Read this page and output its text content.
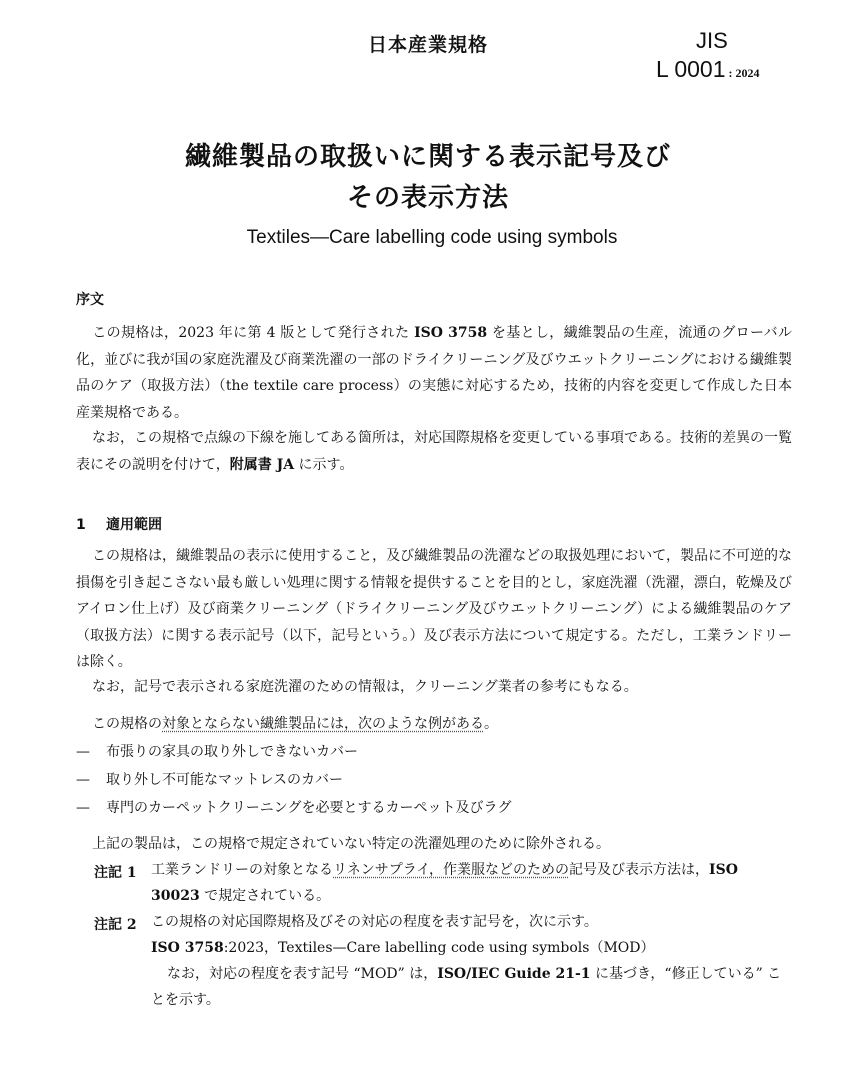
日本産業規格	JIS
L 0001 : 2024
繊維製品の取扱いに関する表示記号及び
その表示方法
Textiles—Care labelling code using symbols
序文
この規格は，2023 年に第 4 版として発行された ISO 3758 を基とし，繊維製品の生産，流通のグローバル化，並びに我が国の家庭洗濯及び商業洗濯の一部のドライクリーニング及びウエットクリーニングにおける繊維製品のケア（取扱方法）（the textile care process）の実態に対応するため，技術的内容を変更して作成した日本産業規格である。
なお，この規格で点線の下線を施してある箇所は，対応国際規格を変更している事項である。技術的差異の一覧表にその説明を付けて，附属書 JA に示す。
1 適用範囲
この規格は，繊維製品の表示に使用すること，及び繊維製品の洗濯などの取扱処理において，製品に不可逆的な損傷を引き起こさない最も厳しい処理に関する情報を提供することを目的とし，家庭洗濯（洗濯，漂白，乾燥及びアイロン仕上げ）及び商業クリーニング（ドライクリーニング及びウエットクリーニング）による繊維製品のケア（取扱方法）に関する表示記号（以下，記号という。）及び表示方法について規定する。ただし，工業ランドリーは除く。
なお，記号で表示される家庭洗濯のための情報は，クリーニング業者の参考にもなる。
この規格の対象とならない繊維製品には，次のような例がある。
— 布張りの家具の取り外しできないカバー
— 取り外し不可能なマットレスのカバー
— 専門のカーペットクリーニングを必要とするカーペット及びラグ
上記の製品は，この規格で規定されていない特定の洗濯処理のために除外される。
注記 1 工業ランドリーの対象となるリネンサプライ，作業服などのための記号及び表示方法は，ISO 30023 で規定されている。
注記 2 この規格の対応国際規格及びその対応の程度を表す記号を，次に示す。
ISO 3758:2023，Textiles—Care labelling code using symbols（MOD）
なお，対応の程度を表す記号 “MOD” は，ISO/IEC Guide 21-1 に基づき，“修正している” ことを示す。
